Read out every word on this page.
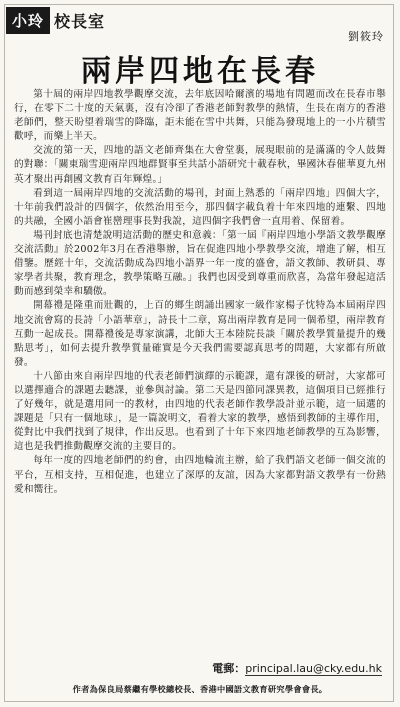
小玲 校長室
劉筱玲
兩岸四地在長春

第十屆的兩岸四地教學觀摩交流，去年底因哈爾濱的場地有問題而改在長春市舉行，在零下二十度的天氣裏，沒有冷卻了香港老師對教學的熱情，生長在南方的香港老師們，整天盼望着瑞雪的降臨，詎未能在雪中共舞，只能為發現地上的一小片積雪歡呼，而樂上半天。

交流的第一天，四地的語文老師齊集在大會堂裏，展現眼前的是滿滿的令人鼓舞的對聯：「關東瑞雪迎兩岸四地群賢事至共話小語研究十載春秋，畢國沐春催華夏九州英才聚出再創國文教育百年輝煌。」

看到這一屆兩岸四地的交流活動的場刊，封面上熟悉的「兩岸四地」四個大字，十年前我們設計的四個字，依然治用至今，那四個字載負着十年來四地的連繫、四地的共融，全國小語會崔巒理事長對我說，這四個字我們會一直用着、保留着。

場刊封底也清楚說明這活動的歷史和意義：「第一屆『兩岸四地小學語文教學觀摩交流活動』於2002年3月在香港舉辦，旨在促進四地小學教學交流，增進了解，相互借鑒。歷經十年，交流活動成為四地小語界一年一度的盛會，語文教師、教研員、專家學者共聚，教育理念，教學策略互融。」我們也因受到尊重而欣喜，為當年發起這活動而感到榮幸和驕傲。

開幕禮是隆重而壯觀的，上百的鄉生朗誦出國家一級作家楊子忱特為本屆兩岸四地交流會寫的長詩「小語華章」，詩長十二章，寫出兩岸教育是同一個希望，兩岸教育互動一起成長。開幕禮後是專家演講，北師大王本陸院長談「關於教學質量提升的幾點思考」，如何去提升教學質量確實是今天我們需要認真思考的問題，大家都有所啟發。

十八節由來自兩岸四地的代表老師們演繹的示範課，還有課後的研討，大家都可以選擇適合的課題去聽課，並參與討論。第二天是四節同課異教，這個項目已經推行了好幾年，就是選用同一的教材，由四地的代表老師作教學設計並示範，這一屆選的課題是「只有一個地球」，是一篇說明文，看着大家的教學，感悟到教師的主導作用，從對比中我們找到了規律，作出反思。也看到了十年下來四地老師教學的互為影響，這也是我們推動觀摩交流的主要目的。

每年一度的四地老師們的約會，由四地輪流主辦，給了我們語文老師一個交流的平台，互相支持，互相促進，也建立了深厚的友誼，因為大家都對語文教學有一份熱愛和嚮往。

電郵：principal.lau@cky.edu.hk
作者為保良局蔡繼有學校總校長、香港中國語文教育研究學會會長。
